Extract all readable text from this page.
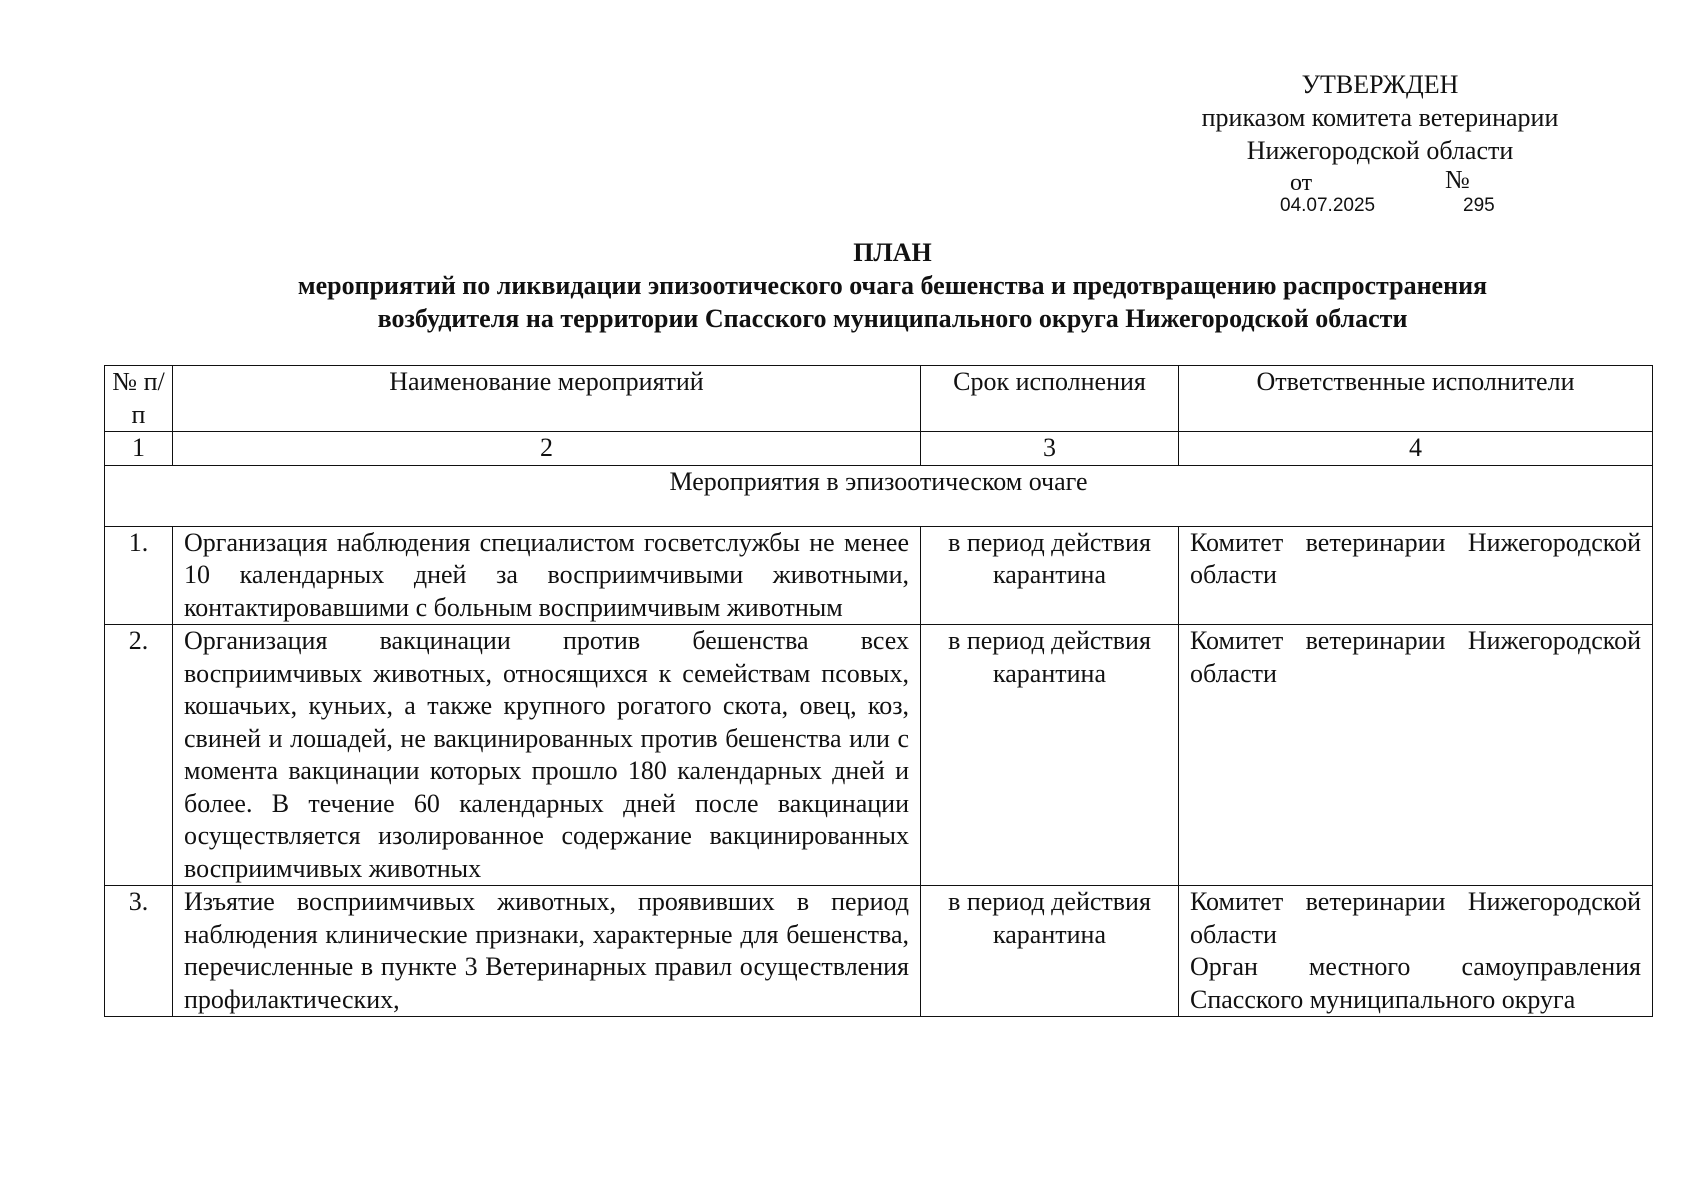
УТВЕРЖДЕН
приказом комитета ветеринарии
Нижегородской области
от	№
04.07.2025	295
ПЛАН
мероприятий по ликвидации эпизоотического очага бешенства и предотвращению распространения
возбудителя на территории Спасского муниципального округа Нижегородской области
№ п/п	Наименование мероприятий	Срок исполнения	Ответственные исполнители
1	2	3	4
Мероприятия в эпизоотическом очаге			
1.	Организация наблюдения специалистом госветслужбы не менее 10 календарных дней за восприимчивыми животными, контактировавшими с больным восприимчивым животным	в период действия карантина	Комитет ветеринарии Нижегородской области

2.	Организация вакцинации против бешенства всех восприимчивых животных, относящихся к семействам псовых, кошачьих, куньих, а также крупного рогатого скота, овец, коз, свиней и лошадей, не вакцинированных против бешенства или с момента вакцинации которых прошло 180 календарных дней и более. В течение 60 календарных дней после вакцинации осуществляется изолированное содержание вакцинированных восприимчивых животных	в период действия карантина	Комитет ветеринарии Нижегородской области

3.	Изъятие восприимчивых животных, проявивших в период наблюдения клинические признаки, характерные для бешенства, перечисленные в пункте 3 Ветеринарных правил осуществления профилактических,	в период действия карантина	Комитет ветеринарии Нижегородской области
Орган местного самоуправления Спасского муниципального округа
